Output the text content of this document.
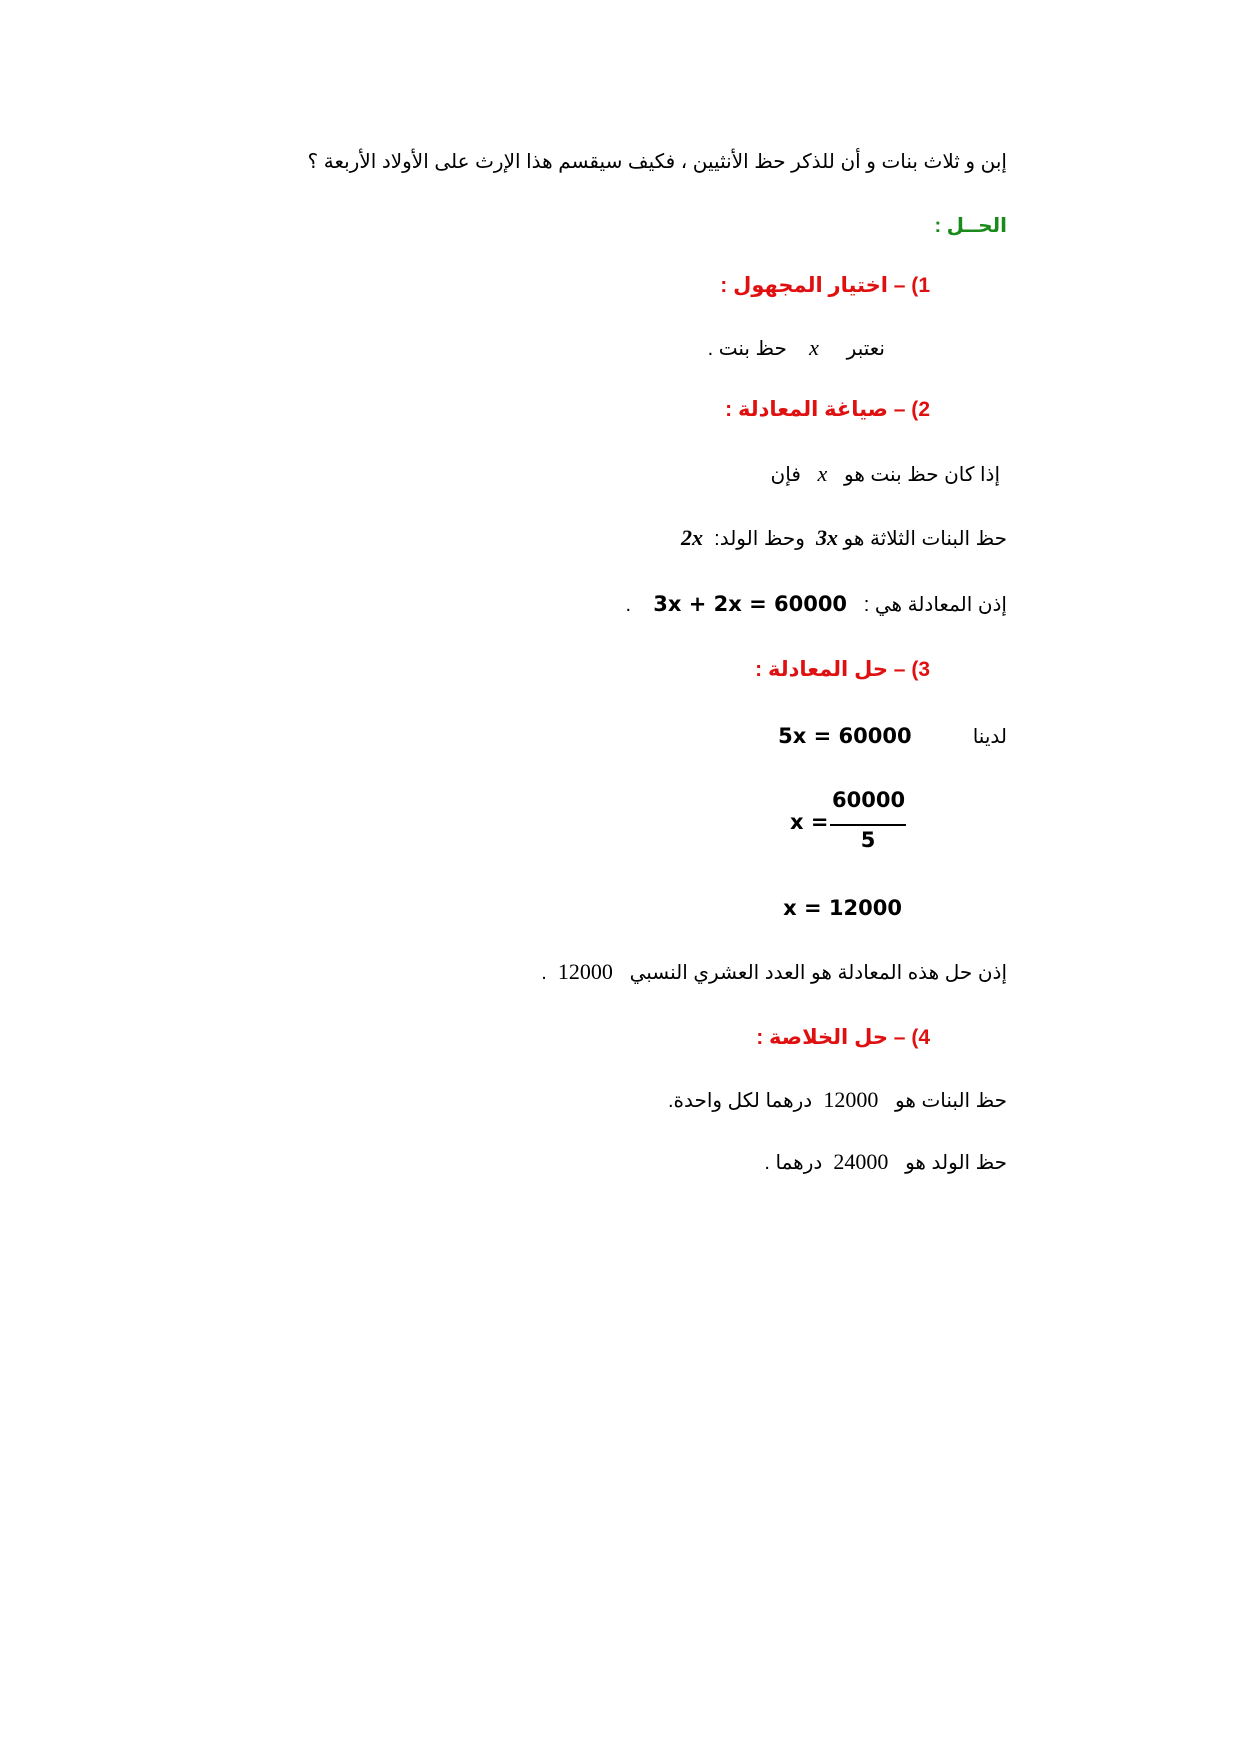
إبن و ثلاث بنات و أن للذكر حظ الأنثيين ، فكيف سيقسم هذا الإرث على الأولاد الأربعة ؟
الحــل :
1) – اختيار المجهول :
نعتبر     x    حظ بنت .
2) – صياغة المعادلة :
إذا كان حظ بنت هو   x   فإن
حظ البنات الثلاثة هو 3x  وحظ الولد:  2x
إذن المعادلة هي :   3x + 2x = 60000    .
3) – حل المعادلة :
لدينا           5x = 60000
x =
60000
5
x = 12000
إذن حل هذه المعادلة هو العدد العشري النسبي   12000  .
4) – حل الخلاصة :
حظ البنات هو   12000  درهما لكل واحدة.
حظ الولد هو   24000  درهما .
